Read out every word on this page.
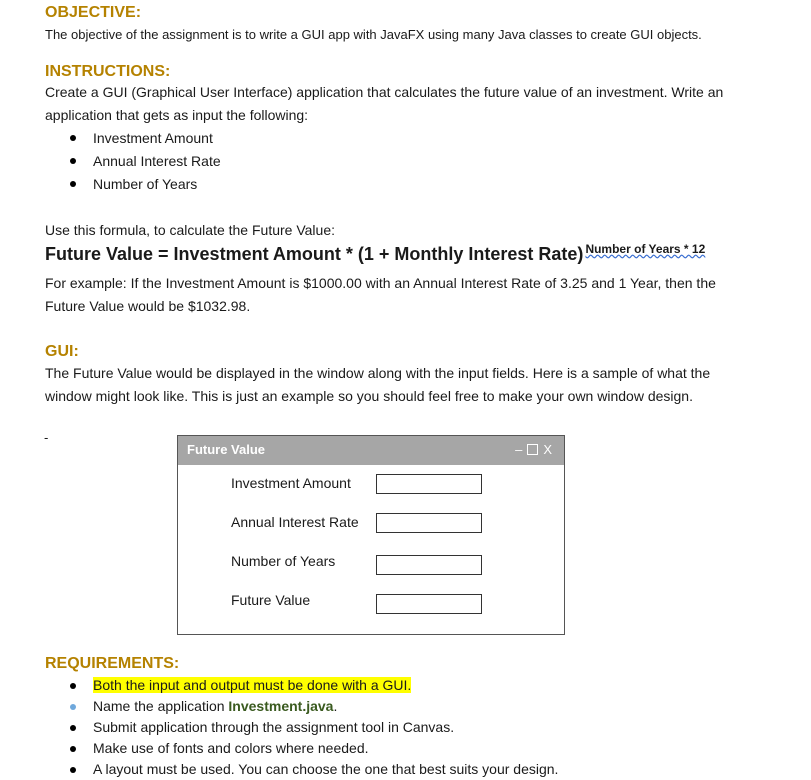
OBJECTIVE:
The objective of the assignment is to write a GUI app with JavaFX using many Java classes to create GUI objects.
INSTRUCTIONS:
Create a GUI (Graphical User Interface) application that calculates the future value of an investment. Write an
application that gets as input the following:
Investment Amount
Annual Interest Rate
Number of Years
Use this formula, to calculate the Future Value:
Future Value = Investment Amount * (1 + Monthly Interest Rate) $^{Number of Years * 12}$
For example: If the Investment Amount is $1000.00 with an Annual Interest Rate of 3.25 and 1 Year, then the
Future Value would be $1032.98.
GUI:
The Future Value would be displayed in the window along with the input fields. Here is a sample of what the
window might look like. This is just an example so you should feel free to make your own window design.
-
Future Value	– X
Investment Amount
Annual Interest Rate
Number of Years
Future Value
REQUIREMENTS:
Both the input and output must be done with a GUI.
Name the application Investment.java.
Submit application through the assignment tool in Canvas.
Make use of fonts and colors where needed.
A layout must be used. You can choose the one that best suits your design.
